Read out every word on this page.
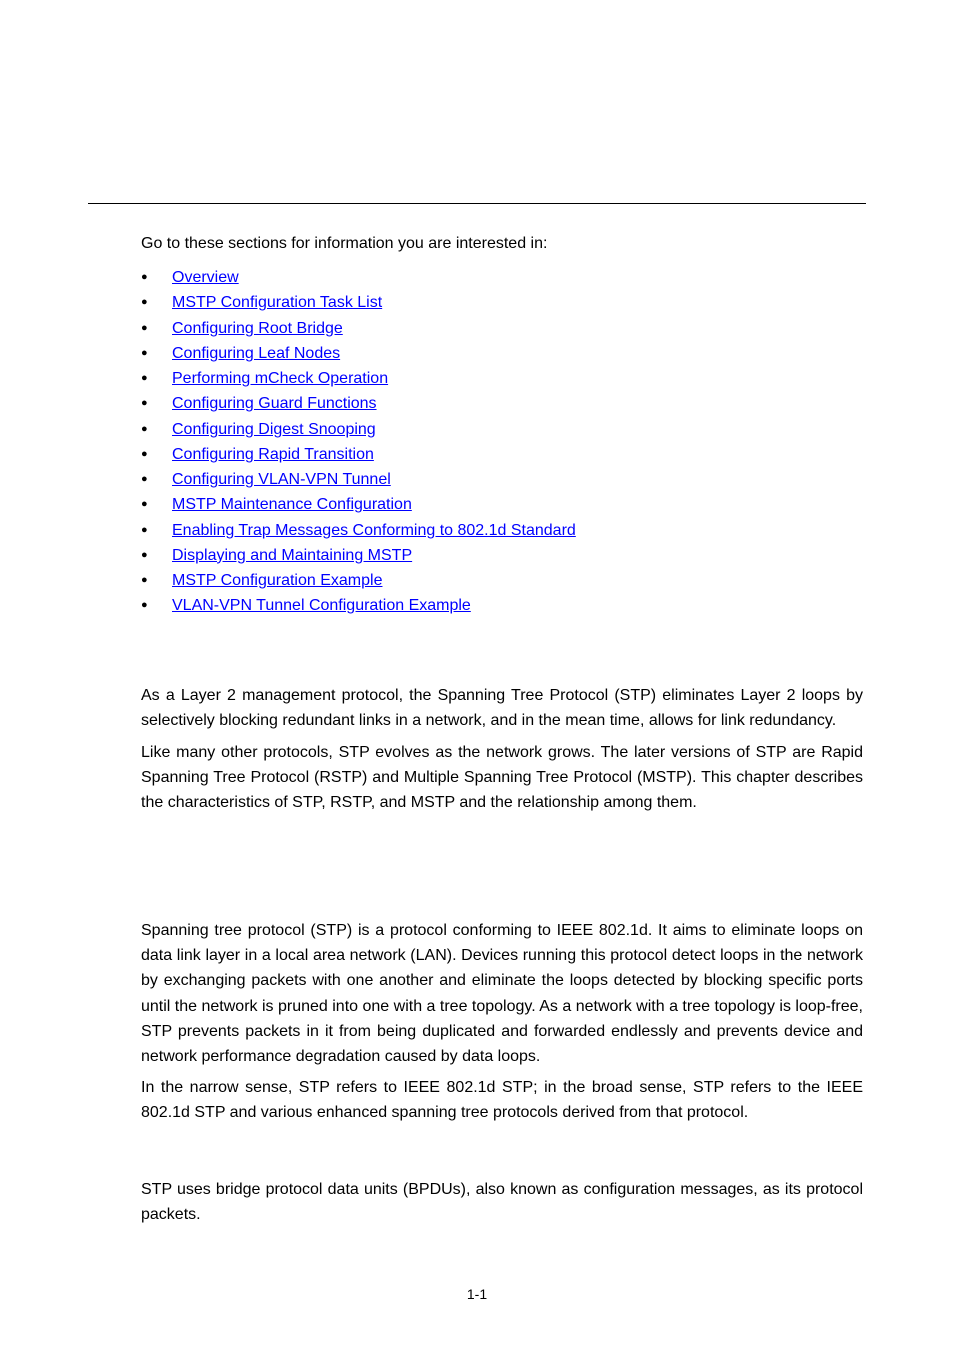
Go to these sections for information you are interested in:

● Overview
● MSTP Configuration Task List
● Configuring Root Bridge
● Configuring Leaf Nodes
● Performing mCheck Operation
● Configuring Guard Functions
● Configuring Digest Snooping
● Configuring Rapid Transition
● Configuring VLAN-VPN Tunnel
● MSTP Maintenance Configuration
● Enabling Trap Messages Conforming to 802.1d Standard
● Displaying and Maintaining MSTP
● MSTP Configuration Example
● VLAN-VPN Tunnel Configuration Example

As a Layer 2 management protocol, the Spanning Tree Protocol (STP) eliminates Layer 2 loops by selectively blocking redundant links in a network, and in the mean time, allows for link redundancy.

Like many other protocols, STP evolves as the network grows. The later versions of STP are Rapid Spanning Tree Protocol (RSTP) and Multiple Spanning Tree Protocol (MSTP). This chapter describes the characteristics of STP, RSTP, and MSTP and the relationship among them.

Spanning tree protocol (STP) is a protocol conforming to IEEE 802.1d. It aims to eliminate loops on data link layer in a local area network (LAN). Devices running this protocol detect loops in the network by exchanging packets with one another and eliminate the loops detected by blocking specific ports until the network is pruned into one with a tree topology. As a network with a tree topology is loop-free, STP prevents packets in it from being duplicated and forwarded endlessly and prevents device and network performance degradation caused by data loops.

In the narrow sense, STP refers to IEEE 802.1d STP; in the broad sense, STP refers to the IEEE 802.1d STP and various enhanced spanning tree protocols derived from that protocol.

STP uses bridge protocol data units (BPDUs), also known as configuration messages, as its protocol packets.

1-1
